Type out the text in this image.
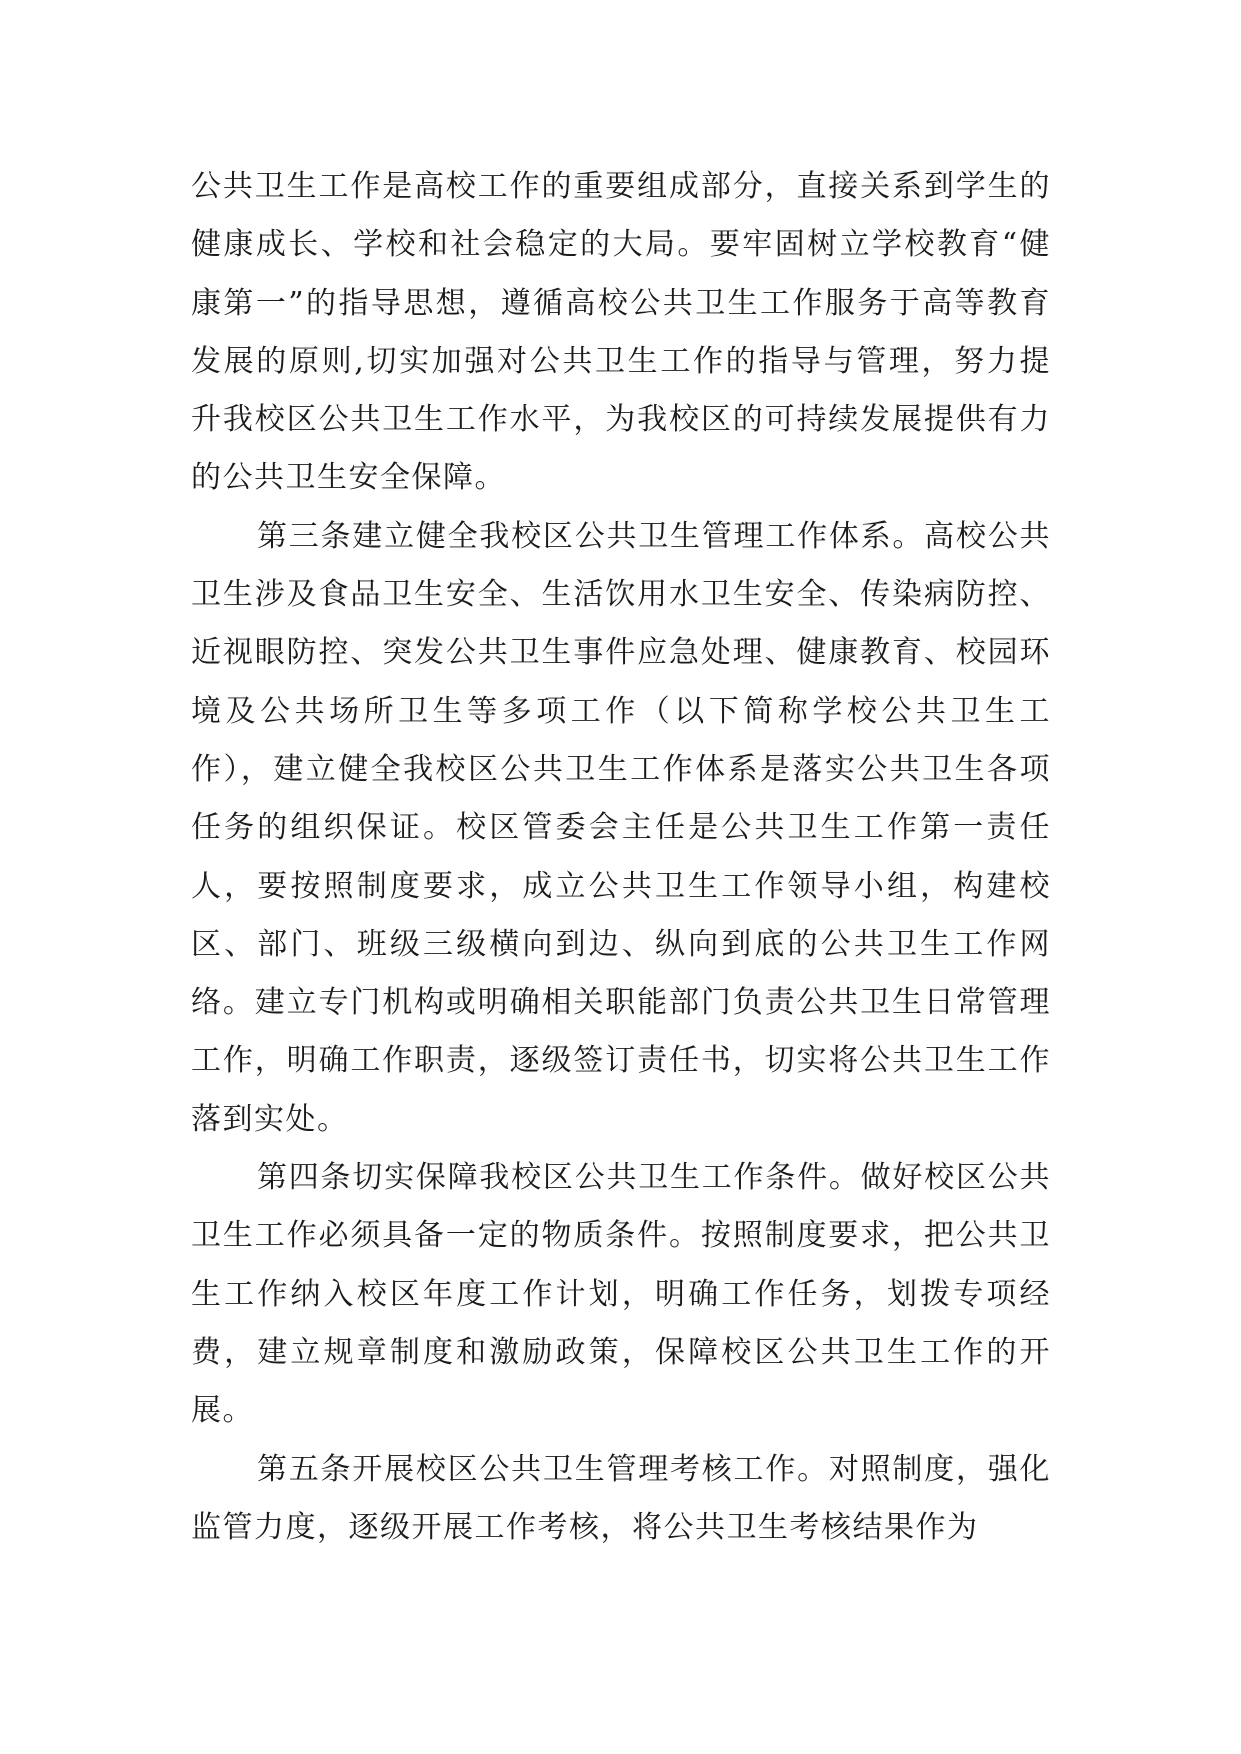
公共卫生工作是高校工作的重要组成部分，直接关系到学生的健康成长、学校和社会稳定的大局。要牢固树立学校教育“健康第一”的指导思想，遵循高校公共卫生工作服务于高等教育发展的原则,切实加强对公共卫生工作的指导与管理，努力提升我校区公共卫生工作水平，为我校区的可持续发展提供有力的公共卫生安全保障。

第三条建立健全我校区公共卫生管理工作体系。高校公共卫生涉及食品卫生安全、生活饮用水卫生安全、传染病防控、近视眼防控、突发公共卫生事件应急处理、健康教育、校园环境及公共场所卫生等多项工作（以下简称学校公共卫生工作），建立健全我校区公共卫生工作体系是落实公共卫生各项任务的组织保证。校区管委会主任是公共卫生工作第一责任人，要按照制度要求，成立公共卫生工作领导小组，构建校区、部门、班级三级横向到边、纵向到底的公共卫生工作网络。建立专门机构或明确相关职能部门负责公共卫生日常管理工作，明确工作职责，逐级签订责任书，切实将公共卫生工作落到实处。

第四条切实保障我校区公共卫生工作条件。做好校区公共卫生工作必须具备一定的物质条件。按照制度要求，把公共卫生工作纳入校区年度工作计划，明确工作任务，划拨专项经费，建立规章制度和激励政策，保障校区公共卫生工作的开展。

第五条开展校区公共卫生管理考核工作。对照制度，强化监管力度，逐级开展工作考核，将公共卫生考核结果作为
